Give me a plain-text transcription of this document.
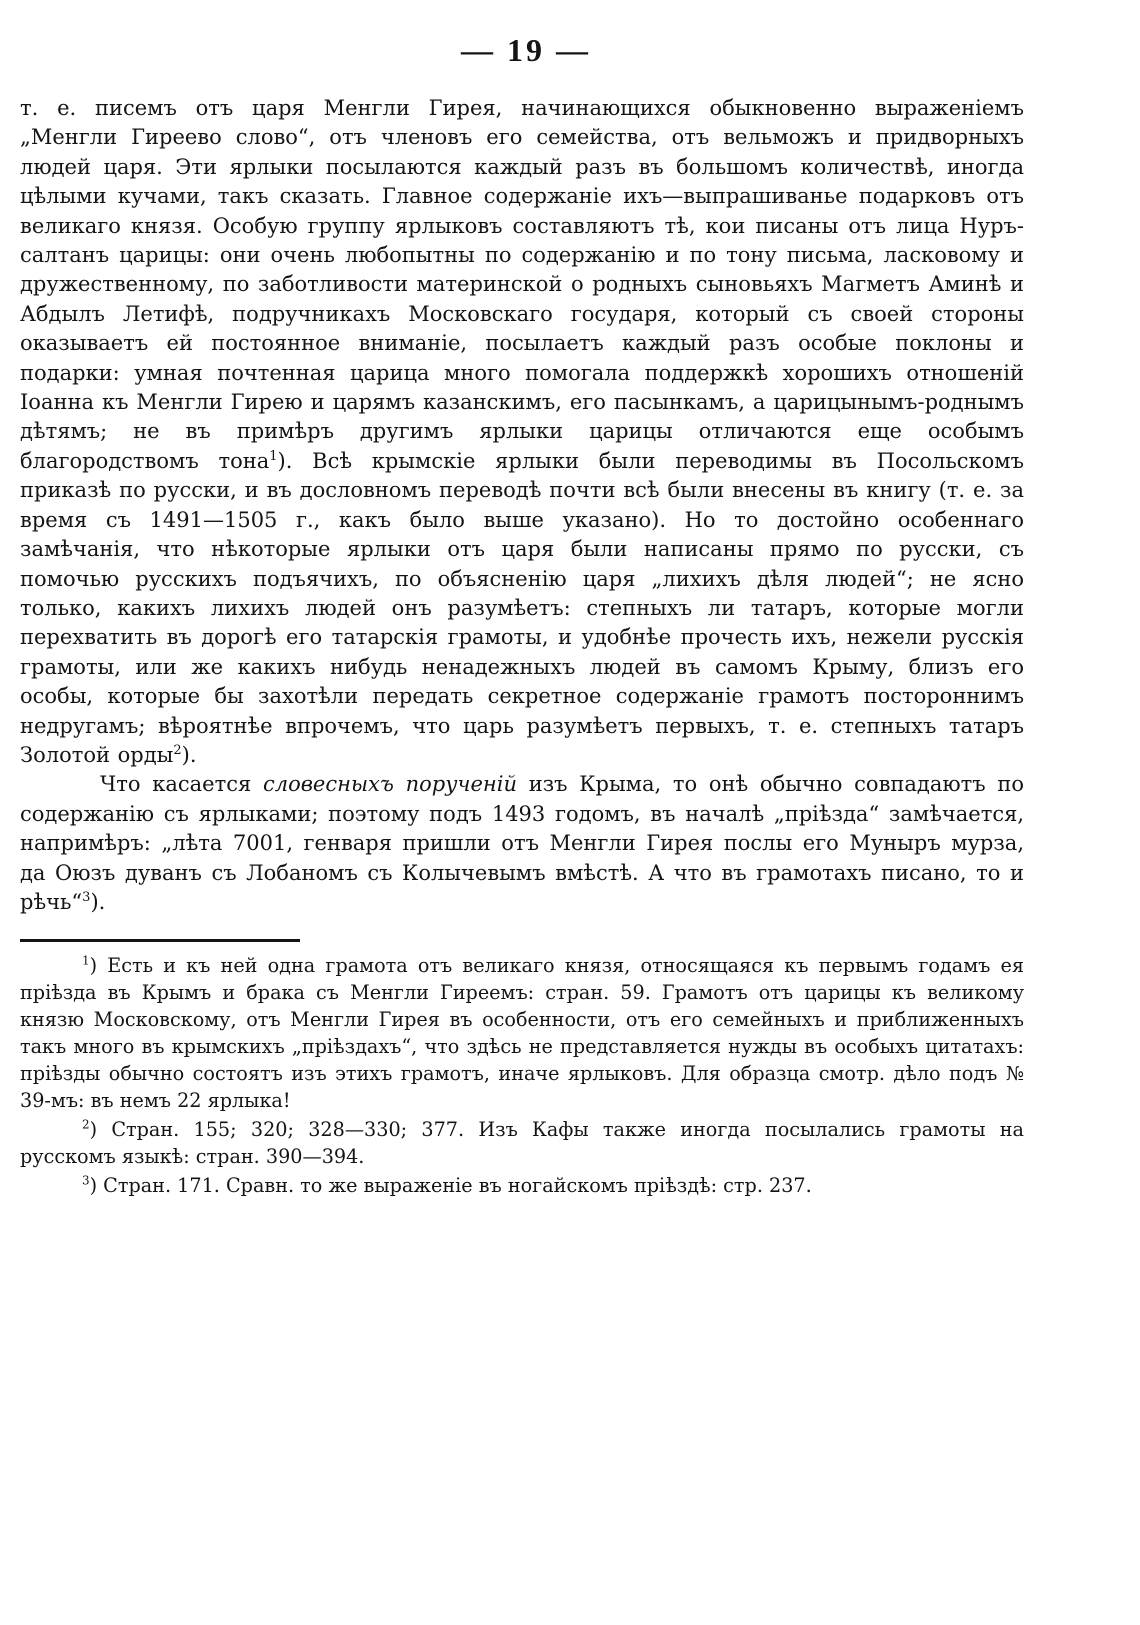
— 19 —

т. е. писемъ отъ царя Менгли Гирея, начинающихся обыкновенно выраженіемъ „Менгли Гиреево слово“, отъ членовъ его семейства, отъ вельможъ и придворныхъ людей царя. Эти ярлыки посылаются каждый разъ въ большомъ количествѣ, иногда цѣлыми кучами, такъ сказать. Главное содержаніе ихъ—выпрашиванье подарковъ отъ великаго князя. Особую группу ярлыковъ составляютъ тѣ, кои писаны отъ лица Нуръ-салтанъ царицы: они очень любопытны по содержанію и по тону письма, ласковому и дружественному, по заботливости материнской о родныхъ сыновьяхъ Магметъ Аминѣ и Абдылъ Летифѣ, подручникахъ Московскаго государя, который съ своей стороны оказываетъ ей постоянное вниманіе, посылаетъ каждый разъ особые поклоны и подарки: умная почтенная царица много помогала поддержкѣ хорошихъ отношеній Іоанна къ Менгли Гирею и царямъ казанскимъ, его пасынкамъ, а царицынымъ-роднымъ дѣтямъ; не въ примѣръ другимъ ярлыки царицы отличаются еще особымъ благородствомъ тона$^1$). Всѣ крымскіе ярлыки были переводимы въ Посольскомъ приказѣ по русски, и въ дословномъ переводѣ почти всѣ были внесены въ книгу (т. е. за время съ 1491—1505 г., какъ было выше указано). Но то достойно особеннаго замѣчанія, что нѣкоторые ярлыки отъ царя были написаны прямо по русски, съ помочью русскихъ подъячихъ, по объясненію царя „лихихъ дѣля людей“; не ясно только, какихъ лихихъ людей онъ разумѣетъ: степныхъ ли татаръ, которые могли перехватить въ дорогѣ его татарскія грамоты, и удобнѣе прочесть ихъ, нежели русскія грамоты, или же какихъ нибудь ненадежныхъ людей въ самомъ Крыму, близъ его особы, которые бы захотѣли передать секретное содержаніе грамотъ постороннимъ недругамъ; вѣроятнѣе впрочемъ, что царь разумѣетъ первыхъ, т. е. степныхъ татаръ Золотой орды$^2$).

Что касается словесныхъ порученій изъ Крыма, то онѣ обычно совпадаютъ по содержанію съ ярлыками; поэтому подъ 1493 годомъ, въ началѣ „пріѣзда“ замѣчается, напримѣръ: „лѣта 7001, генваря пришли отъ Менгли Гирея послы его Муныръ мурза, да Оюзъ дуванъ съ Лобаномъ съ Колычевымъ вмѣстѣ. А что въ грамотахъ писано, то и рѣчь“$^3$).

$^1$) Есть и къ ней одна грамота отъ великаго князя, относящаяся къ первымъ годамъ ея пріѣзда въ Крымъ и брака съ Менгли Гиреемъ: стран. 59. Грамотъ отъ царицы къ великому князю Московскому, отъ Менгли Гирея въ особенности, отъ его семейныхъ и приближенныхъ такъ много въ крымскихъ „пріѣздахъ“, что здѣсь не представляется нужды въ особыхъ цитатахъ: пріѣзды обычно состоятъ изъ этихъ грамотъ, иначе ярлыковъ. Для образца смотр. дѣло подъ № 39-мъ: въ немъ 22 ярлыка!

$^2$) Стран. 155; 320; 328—330; 377. Изъ Кафы также иногда посылались грамоты на русскомъ языкѣ: стран. 390—394.

$^3$) Стран. 171. Сравн. то же выраженіе въ ногайскомъ пріѣздѣ: стр. 237.
